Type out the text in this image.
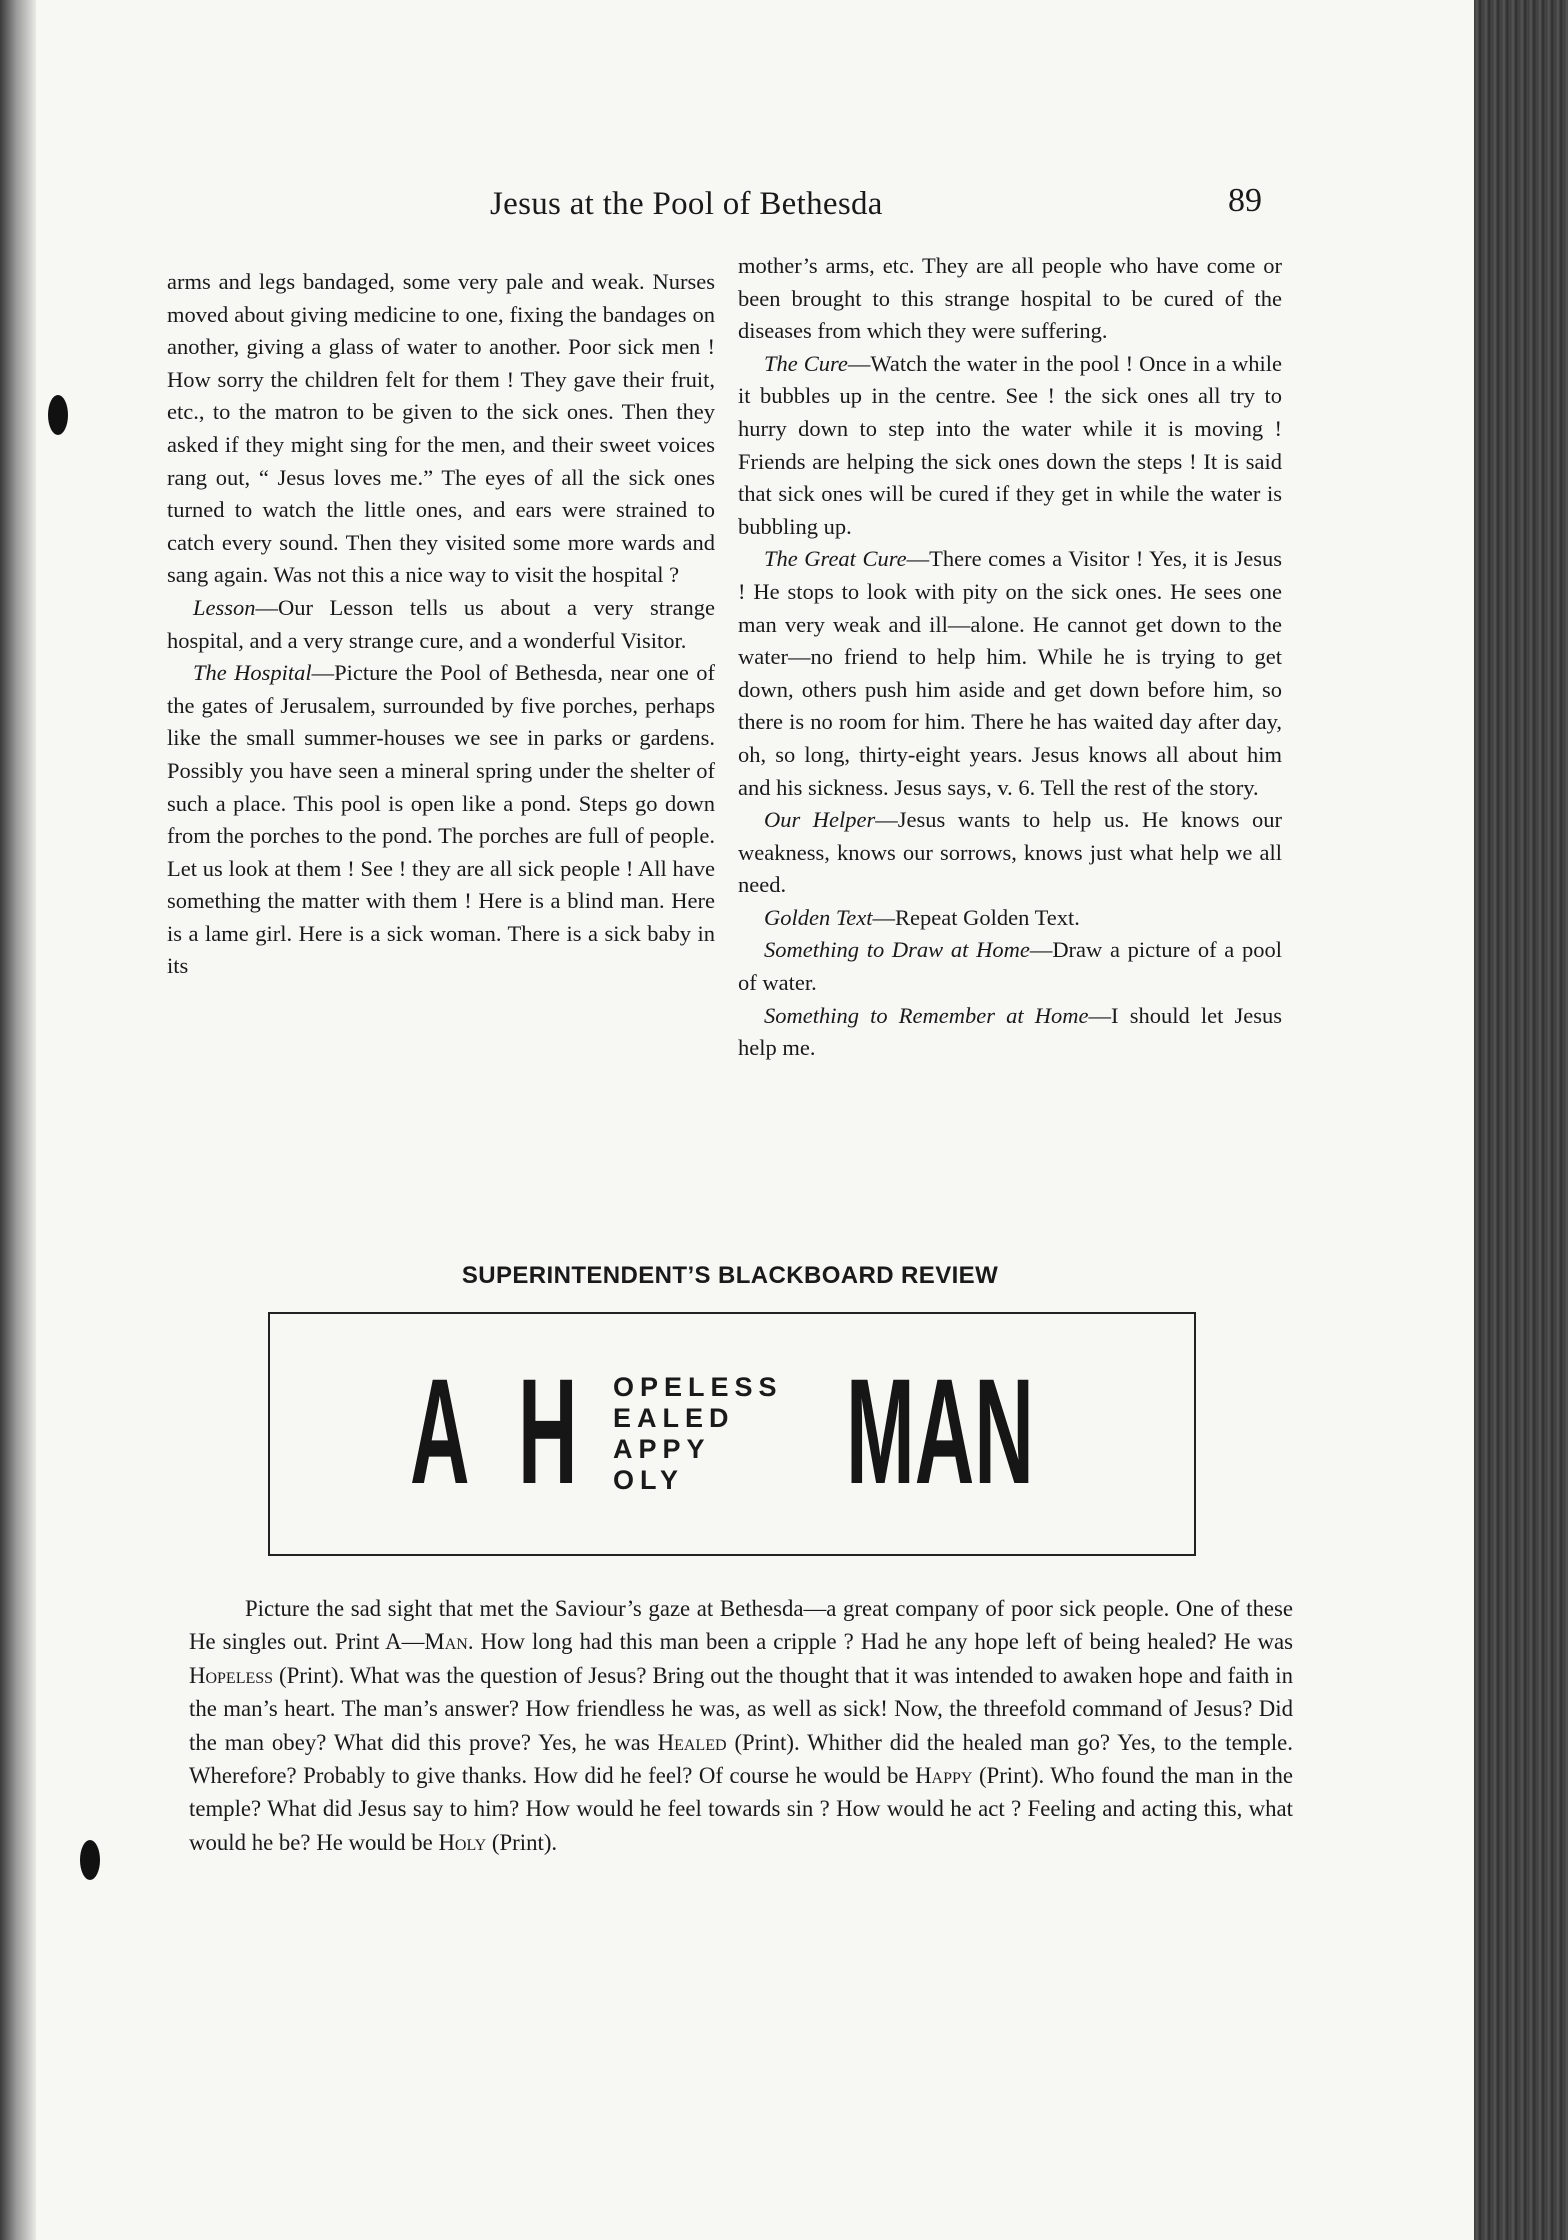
Jesus at the Pool of Bethesda	89

arms and legs bandaged, some very pale and weak. Nurses moved about giving medicine to one, fixing the bandages on another, giving a glass of water to another. Poor sick men ! How sorry the children felt for them ! They gave their fruit, etc., to the matron to be given to the sick ones. Then they asked if they might sing for the men, and their sweet voices rang out, “ Jesus loves me.” The eyes of all the sick ones turned to watch the little ones, and ears were strained to catch every sound. Then they visited some more wards and sang again. Was not this a nice way to visit the hospital ?

Lesson—Our Lesson tells us about a very strange hospital, and a very strange cure, and a wonderful Visitor.

The Hospital—Picture the Pool of Bethesda, near one of the gates of Jerusalem, surrounded by five porches, perhaps like the small summer-houses we see in parks or gardens. Possibly you have seen a mineral spring under the shelter of such a place. This pool is open like a pond. Steps go down from the porches to the pond. The porches are full of people. Let us look at them ! See ! they are all sick people ! All have something the matter with them ! Here is a blind man. Here is a lame girl. Here is a sick woman. There is a sick baby in its

mother’s arms, etc. They are all people who have come or been brought to this strange hospital to be cured of the diseases from which they were suffering.

The Cure—Watch the water in the pool ! Once in a while it bubbles up in the centre. See ! the sick ones all try to hurry down to step into the water while it is moving ! Friends are helping the sick ones down the steps ! It is said that sick ones will be cured if they get in while the water is bubbling up.

The Great Cure—There comes a Visitor ! Yes, it is Jesus ! He stops to look with pity on the sick ones. He sees one man very weak and ill—alone. He cannot get down to the water—no friend to help him. While he is trying to get down, others push him aside and get down before him, so there is no room for him. There he has waited day after day, oh, so long, thirty-eight years. Jesus knows all about him and his sickness. Jesus says, v. 6. Tell the rest of the story.

Our Helper—Jesus wants to help us. He knows our weakness, knows our sorrows, knows just what help we all need.

Golden Text—Repeat Golden Text.

Something to Draw at Home—Draw a picture of a pool of water.

Something to Remember at Home—I should let Jesus help me.

SUPERINTENDENT’S BLACKBOARD REVIEW
A H OPELESS
EALED
APPY
OLY	MAN

Picture the sad sight that met the Saviour’s gaze at Bethesda—a great company of poor sick people. One of these He singles out. Print A—Man. How long had this man been a cripple ? Had he any hope left of being healed? He was Hopeless (Print). What was the question of Jesus? Bring out the thought that it was intended to awaken hope and faith in the man’s heart. The man’s answer? How friendless he was, as well as sick! Now, the threefold command of Jesus? Did the man obey? What did this prove? Yes, he was Healed (Print). Whither did the healed man go? Yes, to the temple. Wherefore? Probably to give thanks. How did he feel? Of course he would be Happy (Print). Who found the man in the temple? What did Jesus say to him? How would he feel towards sin ? How would he act ? Feeling and acting this, what would he be? He would be Holy (Print).
